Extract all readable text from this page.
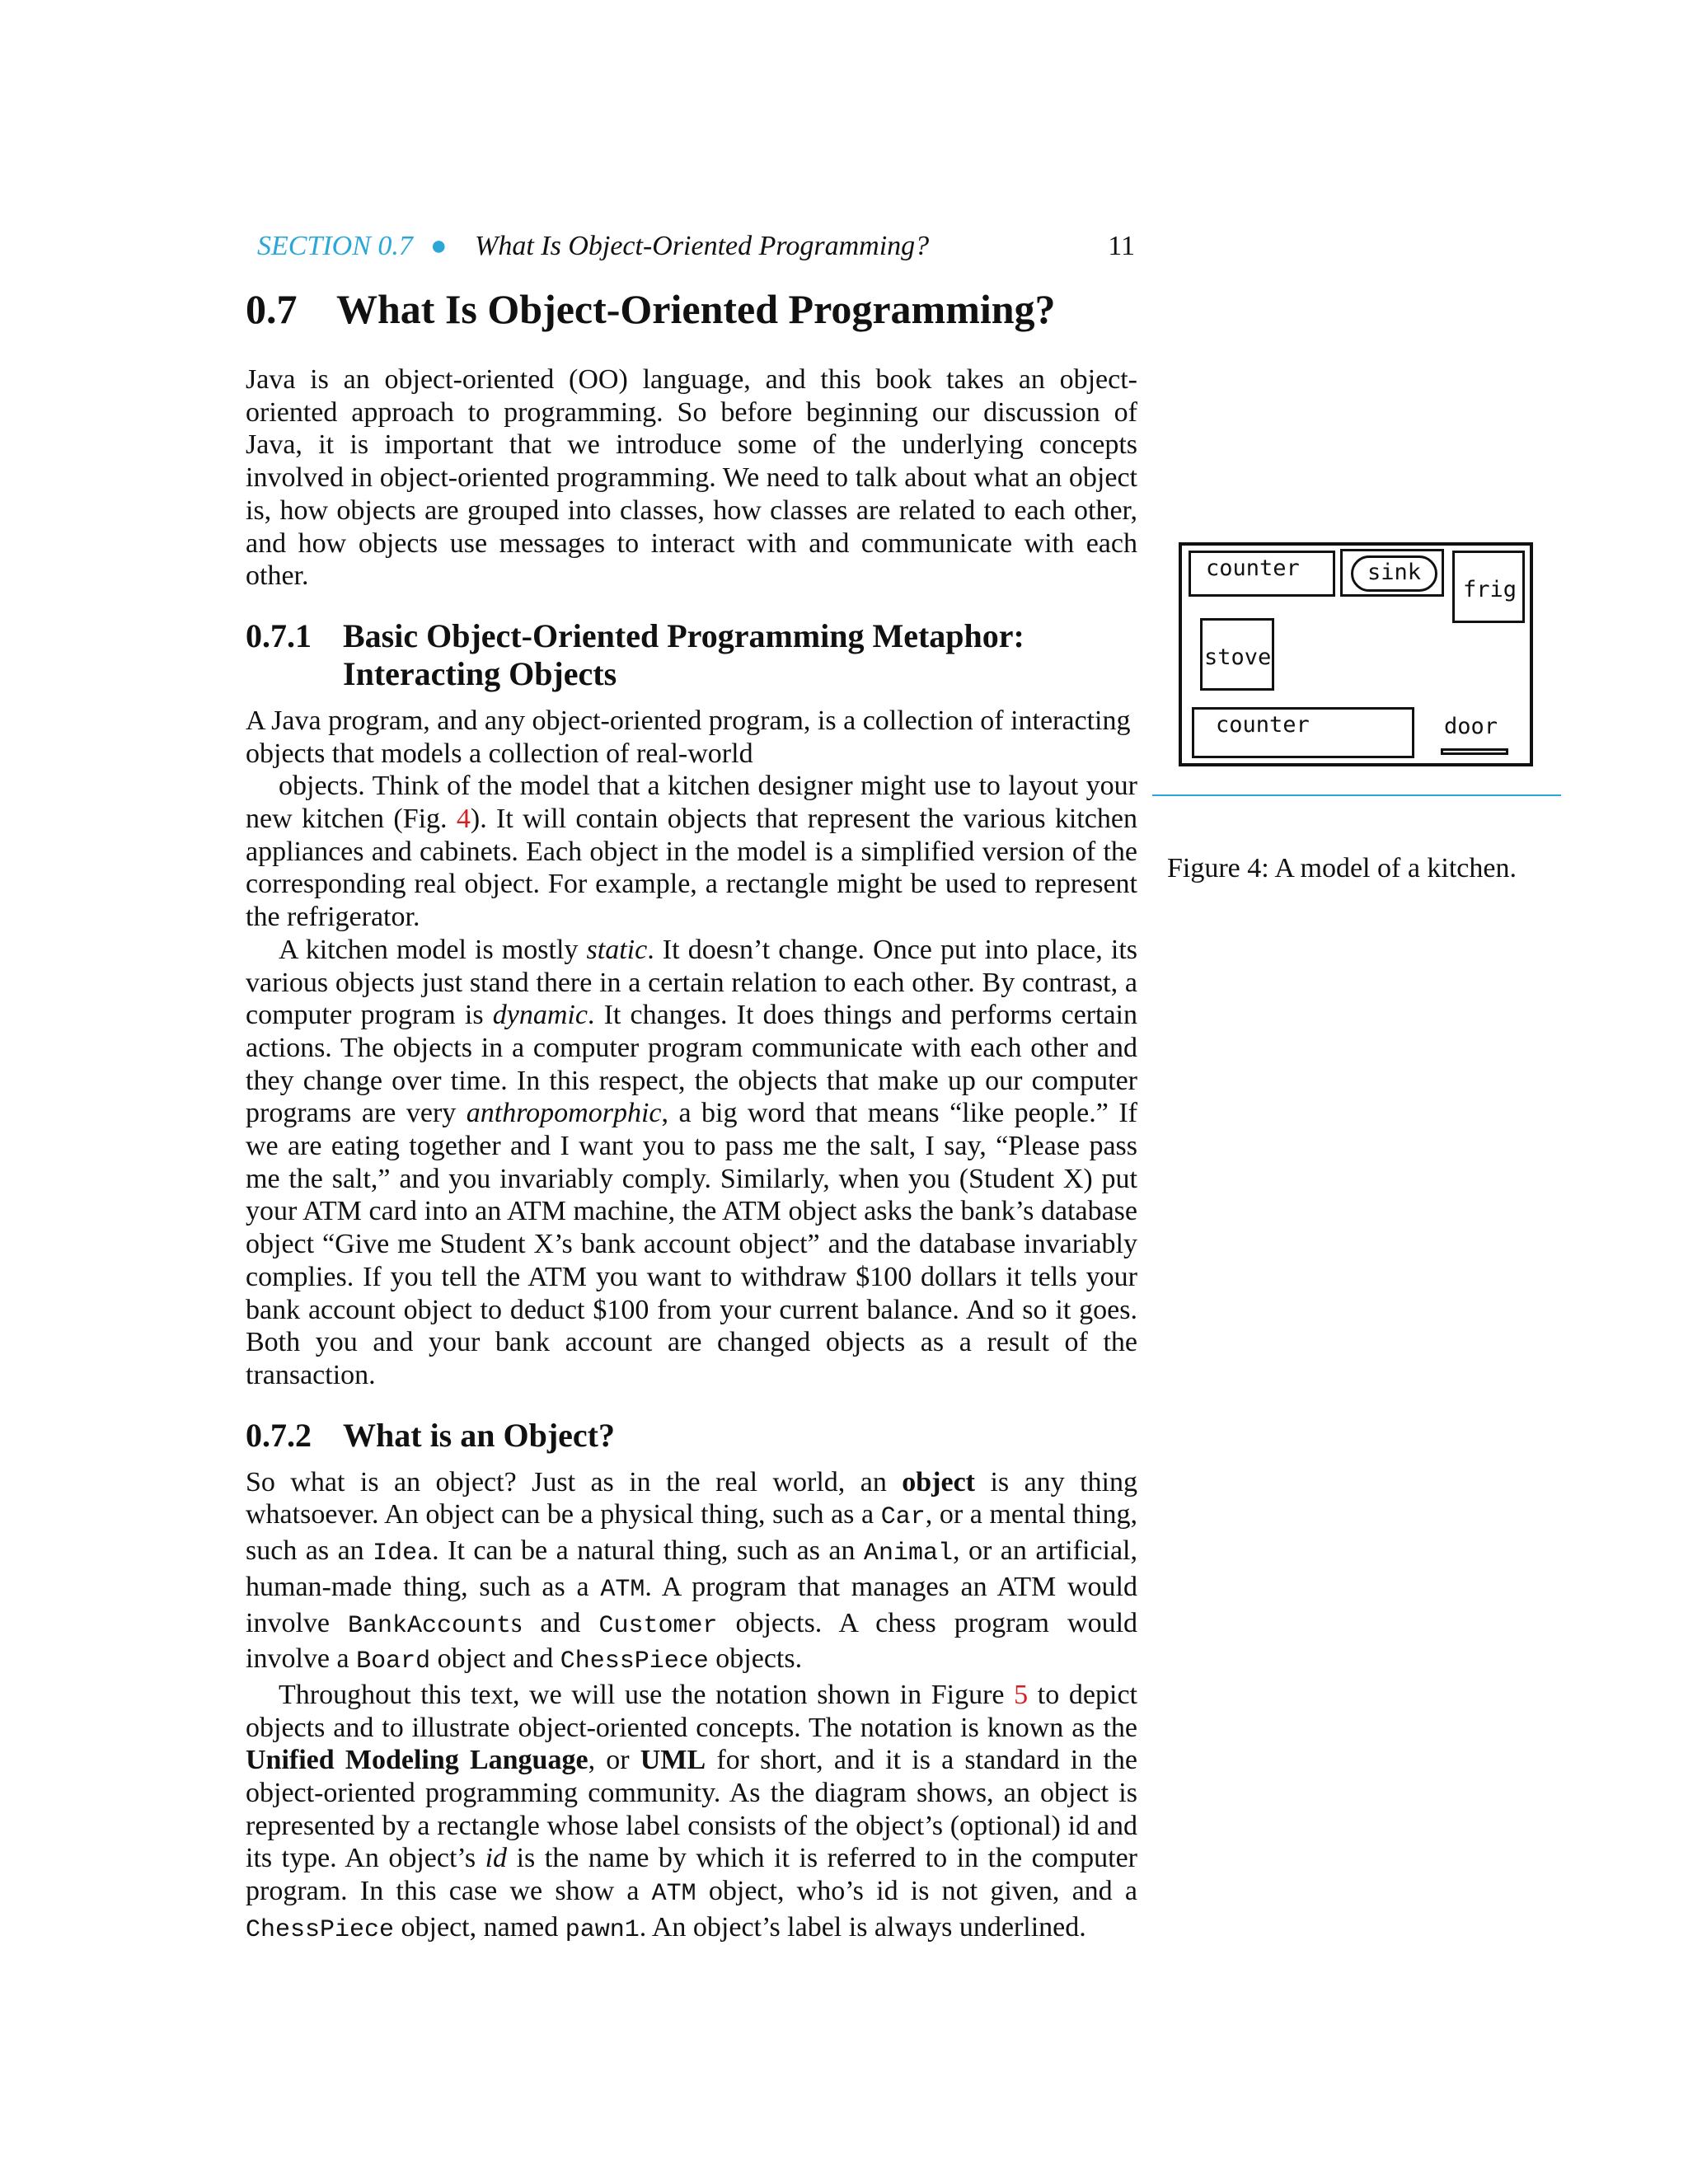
SECTION 0.7 ● What Is Object-Oriented Programming?	11
0.7 What Is Object-Oriented Programming?

Java is an object-oriented (OO) language, and this book takes an object-oriented approach to programming. So before beginning our discussion of Java, it is important that we introduce some of the underlying concepts involved in object-oriented programming. We need to talk about what an object is, how objects are grouped into classes, how classes are related to each other, and how objects use messages to interact with and communicate with each other.

0.7.1 Basic Object-Oriented Programming Metaphor: Interacting Objects

A Java program, and any object-oriented program, is a collection of interacting objects that models a collection of real-world
objects. Think of the model that a kitchen designer might use to layout your new kitchen (Fig. 4). It will contain objects that represent the various kitchen appliances and cabinets. Each object in the model is a simplified version of the corresponding real object. For example, a rectangle might be used to represent the refrigerator.

A kitchen model is mostly static. It doesn’t change. Once put into place, its various objects just stand there in a certain relation to each other. By contrast, a computer program is dynamic. It changes. It does things and performs certain actions. The objects in a computer program communicate with each other and they change over time. In this respect, the objects that make up our computer programs are very anthropomorphic, a big word that means “like people.” If we are eating together and I want you to pass me the salt, I say, “Please pass me the salt,” and you invariably comply. Similarly, when you (Student X) put your ATM card into an ATM machine, the ATM object asks the bank’s database object “Give me Student X’s bank account object” and the database invariably complies. If you tell the ATM you want to withdraw $100 dollars it tells your bank account object to deduct $100 from your current balance. And so it goes. Both you and your bank account are changed objects as a result of the transaction.

0.7.2 What is an Object?

So what is an object? Just as in the real world, an object is any thing whatsoever. An object can be a physical thing, such as a Car, or a mental thing, such as an Idea. It can be a natural thing, such as an Animal, or an artificial, human-made thing, such as a ATM. A program that manages an ATM would involve BankAccounts and Customer objects. A chess program would involve a Board object and ChessPiece objects.

Throughout this text, we will use the notation shown in Figure 5 to depict objects and to illustrate object-oriented concepts. The notation is known as the Unified Modeling Language, or UML for short, and it is a standard in the object-oriented programming community. As the diagram shows, an object is represented by a rectangle whose label consists of the object’s (optional) id and its type. An object’s id is the name by which it is referred to in the computer program. In this case we show a ATM object, who’s id is not given, and a ChessPiece object, named pawn1. An object’s label is always underlined.

counter	sink
frig
stove
counter	door
Figure 4: A model of a kitchen.
